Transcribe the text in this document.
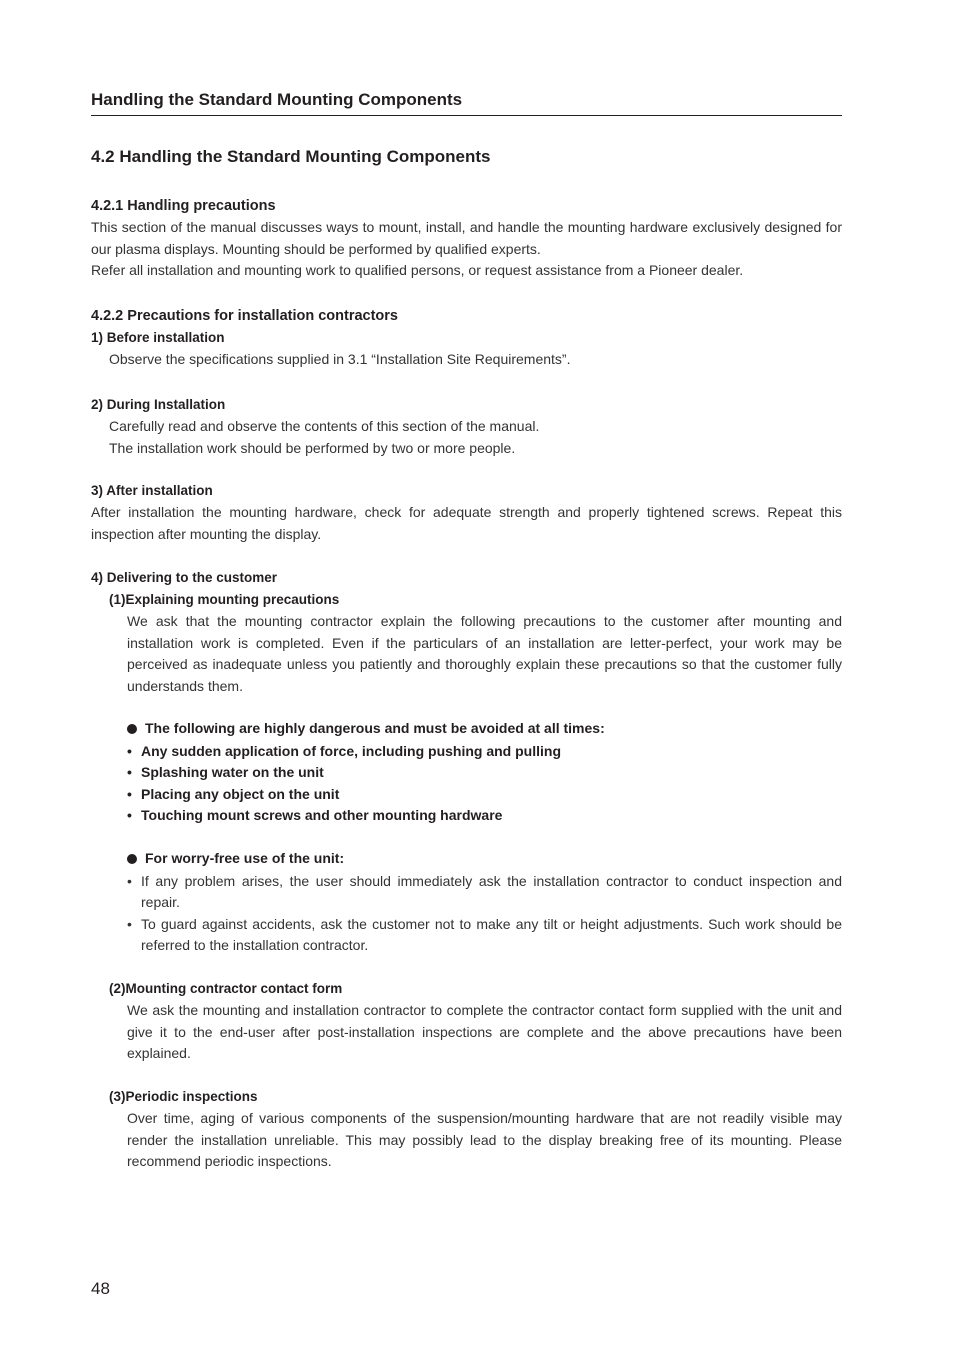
Handling the Standard Mounting Components
4.2 Handling the Standard Mounting Components
4.2.1 Handling precautions
This section of the manual discusses ways to mount, install, and handle the mounting hardware exclusively designed for our plasma displays. Mounting should be performed by qualified experts.
Refer all installation and mounting work to qualified persons, or request assistance from a Pioneer dealer.
4.2.2 Precautions for installation contractors
1) Before installation
Observe the specifications supplied in 3.1 “Installation Site Requirements”.
2) During Installation
Carefully read and observe the contents of this section of the manual.
The installation work should be performed by two or more people.
3) After installation
After installation the mounting hardware, check for adequate strength and properly tightened screws. Repeat this inspection after mounting the display.
4) Delivering to the customer
(1)Explaining mounting precautions
We ask that the mounting contractor explain the following precautions to the customer after mounting and installation work is completed. Even if the particulars of an installation are letter-perfect, your work may be perceived as inadequate unless you patiently and thoroughly explain these precautions so that the customer fully understands them.
The following are highly dangerous and must be avoided at all times:
• Any sudden application of force, including pushing and pulling
• Splashing water on the unit
• Placing any object on the unit
• Touching mount screws and other mounting hardware
For worry-free use of the unit:
• If any problem arises, the user should immediately ask the installation contractor to conduct inspection and repair.
• To guard against accidents, ask the customer not to make any tilt or height adjustments. Such work should be referred to the installation contractor.
(2)Mounting contractor contact form
We ask the mounting and installation contractor to complete the contractor contact form supplied with the unit and give it to the end-user after post-installation inspections are complete and the above precautions have been explained.
(3)Periodic inspections
Over time, aging of various components of the suspension/mounting hardware that are not readily visible may render the installation unreliable. This may possibly lead to the display breaking free of its mounting. Please recommend periodic inspections.
48
